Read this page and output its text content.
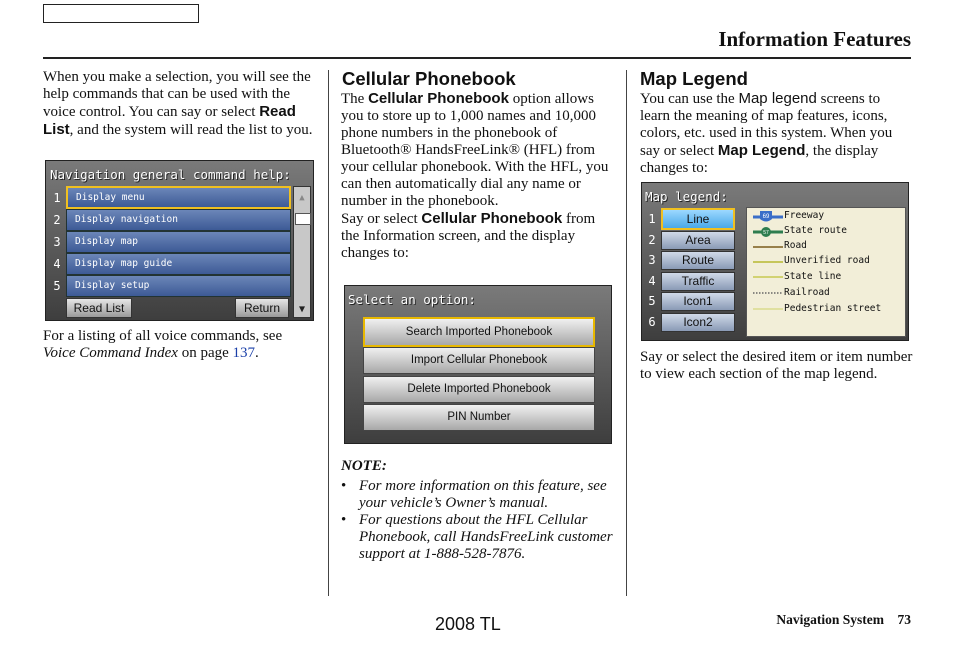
Information Features
When you make a selection, you will see the help commands that can be used with the voice control. You can say or select Read List, and the system will read the list to you.
Navigation general command help:
1	Display menu
2	Display navigation
3	Display map
4	Display map guide
5	Display setup
Read List	Return
▲
▼
For a listing of all voice commands, see Voice Command Index on page 137.
Cellular Phonebook
The Cellular Phonebook option allows you to store up to 1,000 names and 10,000 phone numbers in the phonebook of Bluetooth® HandsFreeLink® (HFL) from your cellular phonebook. With the HFL, you can then automatically dial any name or number in the phonebook.
Say or select Cellular Phonebook from the Information screen, and the display changes to:
Select an option:
Search Imported Phonebook
Import Cellular Phonebook
Delete Imported Phonebook
PIN Number
NOTE:
• For more information on this feature, see your vehicle’s Owner’s manual.
• For questions about the HFL Cellular Phonebook, call HandsFreeLink customer support at 1-888-528-7876.
Map Legend
You can use the Map legend screens to learn the meaning of map features, icons, colors, etc. used in this system. When you say or select Map Legend, the display changes to:
Map legend:
1	Line
2	Area
3	Route
4	Traffic
5	Icon1
6	Icon2
69
57
Freeway
State route
Road
Unverified road
State line
Railroad
Pedestrian street
Say or select the desired item or item number to view each section of the map legend.
2008 TL	Navigation System 73
